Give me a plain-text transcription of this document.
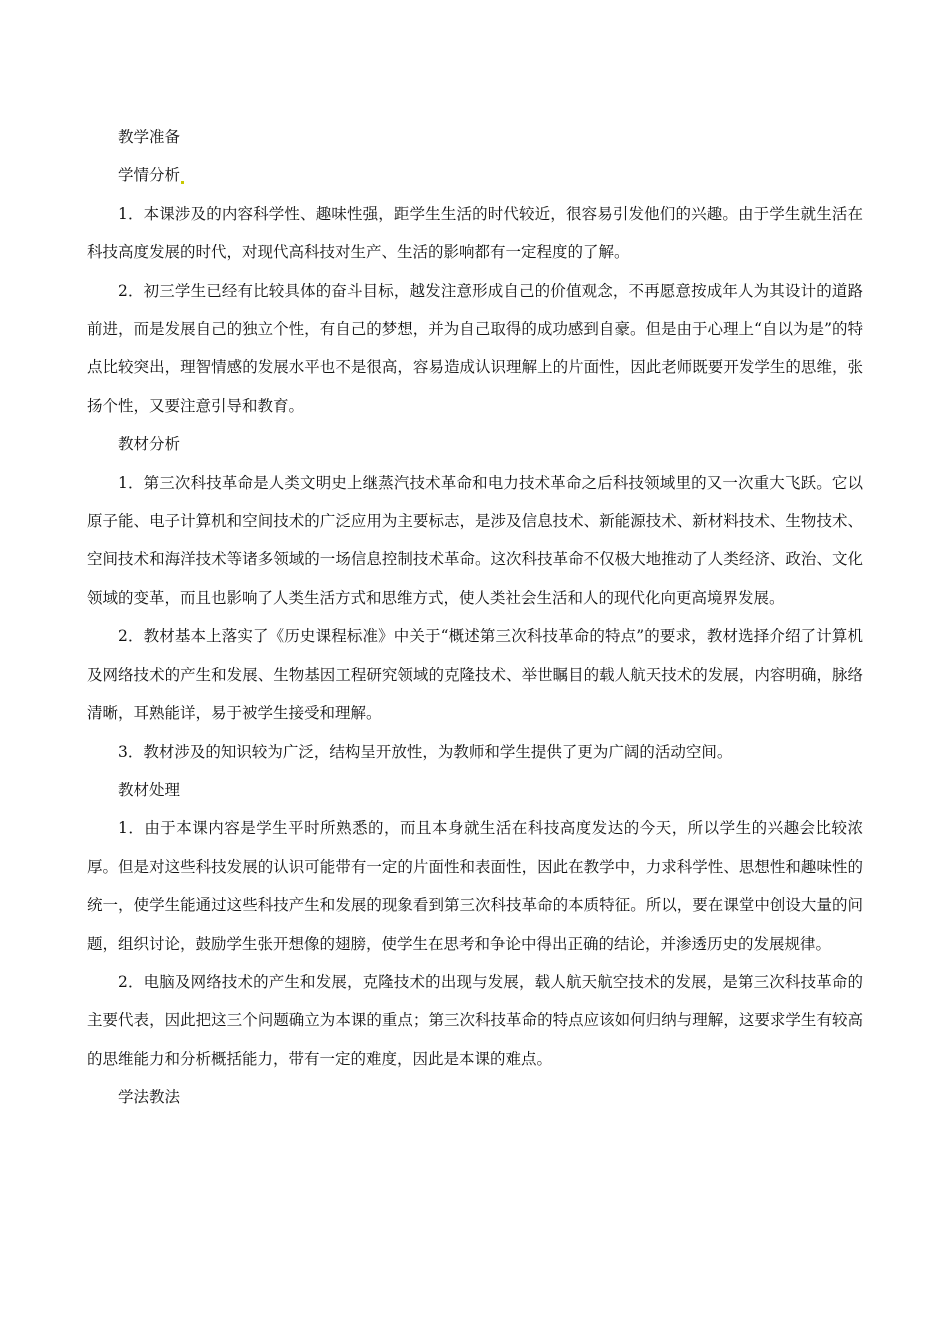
教学准备

学情分析

1．本课涉及的内容科学性、趣味性强，距学生生活的时代较近，很容易引发他们的兴趣。由于学生就生活在科技高度发展的时代，对现代高科技对生产、生活的影响都有一定程度的了解。

2．初三学生已经有比较具体的奋斗目标，越发注意形成自己的价值观念，不再愿意按成年人为其设计的道路前进，而是发展自己的独立个性，有自己的梦想，并为自己取得的成功感到自豪。但是由于心理上“自以为是”的特点比较突出，理智情感的发展水平也不是很高，容易造成认识理解上的片面性，因此老师既要开发学生的思维，张扬个性，又要注意引导和教育。

教材分析

1．第三次科技革命是人类文明史上继蒸汽技术革命和电力技术革命之后科技领域里的又一次重大飞跃。它以原子能、电子计算机和空间技术的广泛应用为主要标志，是涉及信息技术、新能源技术、新材料技术、生物技术、空间技术和海洋技术等诸多领域的一场信息控制技术革命。这次科技革命不仅极大地推动了人类经济、政治、文化领域的变革，而且也影响了人类生活方式和思维方式，使人类社会生活和人的现代化向更高境界发展。

2．教材基本上落实了《历史课程标准》中关于“概述第三次科技革命的特点”的要求，教材选择介绍了计算机及网络技术的产生和发展、生物基因工程研究领域的克隆技术、举世瞩目的载人航天技术的发展，内容明确，脉络清晰，耳熟能详，易于被学生接受和理解。

3．教材涉及的知识较为广泛，结构呈开放性，为教师和学生提供了更为广阔的活动空间。

教材处理

1．由于本课内容是学生平时所熟悉的，而且本身就生活在科技高度发达的今天，所以学生的兴趣会比较浓厚。但是对这些科技发展的认识可能带有一定的片面性和表面性，因此在教学中，力求科学性、思想性和趣味性的统一，使学生能通过这些科技产生和发展的现象看到第三次科技革命的本质特征。所以，要在课堂中创设大量的问题，组织讨论，鼓励学生张开想像的翅膀，使学生在思考和争论中得出正确的结论，并渗透历史的发展规律。

2．电脑及网络技术的产生和发展，克隆技术的出现与发展，载人航天航空技术的发展，是第三次科技革命的主要代表，因此把这三个问题确立为本课的重点；第三次科技革命的特点应该如何归纳与理解，这要求学生有较高的思维能力和分析概括能力，带有一定的难度，因此是本课的难点。

学法教法
